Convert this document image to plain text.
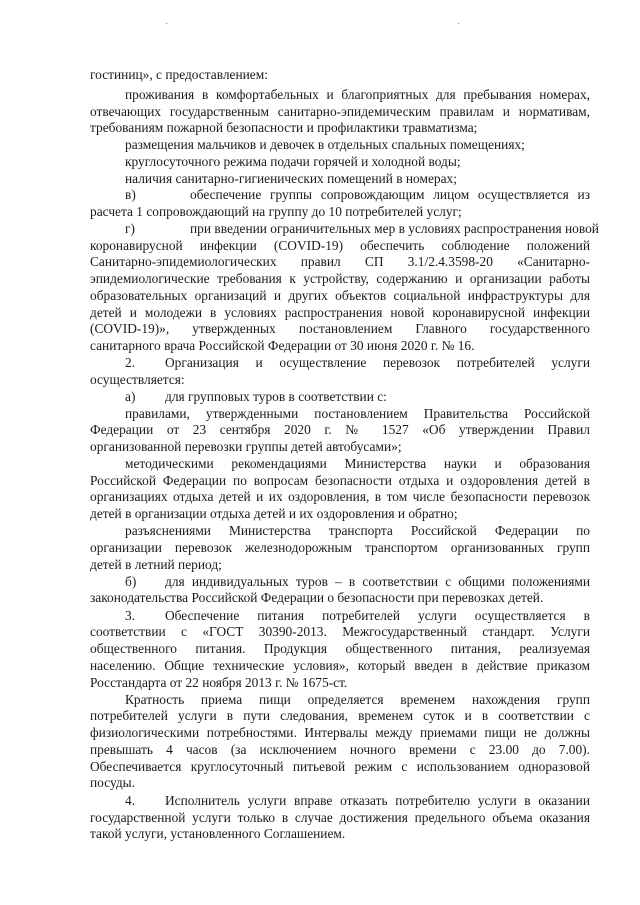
·	·
гостиниц», с предоставлением:
проживания в комфортабельных и благоприятных для пребывания номерах,
отвечающих государственным санитарно-эпидемическим правилам и нормативам,
требованиям пожарной безопасности и профилактики травматизма;
размещения мальчиков и девочек в отдельных спальных помещениях;
круглосуточного режима подачи горячей и холодной воды;
наличия санитарно-гигиенических помещений в номерах;
в)	обеспечение группы сопровождающим лицом осуществляется из
расчета 1 сопровождающий на группу до 10 потребителей услуг;
г)	при введении ограничительных мер в условиях распространения новой
коронавирусной инфекции (COVID-19) обеспечить соблюдение положений
Санитарно-эпидемиологических правил СП 3.1/2.4.3598-20 «Санитарно-
эпидемиологические требования к устройству, содержанию и организации работы
образовательных организаций и других объектов социальной инфраструктуры для
детей и молодежи в условиях распространения новой коронавирусной инфекции
(COVID-19)», утвержденных постановлением Главного государственного
санитарного врача Российской Федерации от 30 июня 2020 г. № 16.
2. Организация и осуществление перевозок потребителей услуги
осуществляется:
а) для групповых туров в соответствии с:
правилами, утвержденными постановлением Правительства Российской
Федерации от 23 сентября 2020 г. № 1527 «Об утверждении Правил
организованной перевозки группы детей автобусами»;
методическими рекомендациями Министерства науки и образования
Российской Федерации по вопросам безопасности отдыха и оздоровления детей в
организациях отдыха детей и их оздоровления, в том числе безопасности перевозок
детей в организации отдыха детей и их оздоровления и обратно;
разъяснениями Министерства транспорта Российской Федерации по
организации перевозок железнодорожным транспортом организованных групп
детей в летний период;
б) для индивидуальных туров – в соответствии с общими положениями
законодательства Российской Федерации о безопасности при перевозках детей.
3. Обеспечение питания потребителей услуги осуществляется в
соответствии с «ГОСТ 30390-2013. Межгосударственный стандарт. Услуги
общественного питания. Продукция общественного питания, реализуемая
населению. Общие технические условия», который введен в действие приказом
Росстандарта от 22 ноября 2013 г. № 1675-ст.
Кратность приема пищи определяется временем нахождения групп
потребителей услуги в пути следования, временем суток и в соответствии с
физиологическими потребностями. Интервалы между приемами пищи не должны
превышать 4 часов (за исключением ночного времени с 23.00 до 7.00).
Обеспечивается круглосуточный питьевой режим с использованием одноразовой
посуды.
4. Исполнитель услуги вправе отказать потребителю услуги в оказании
государственной услуги только в случае достижения предельного объема оказания
такой услуги, установленного Соглашением.
